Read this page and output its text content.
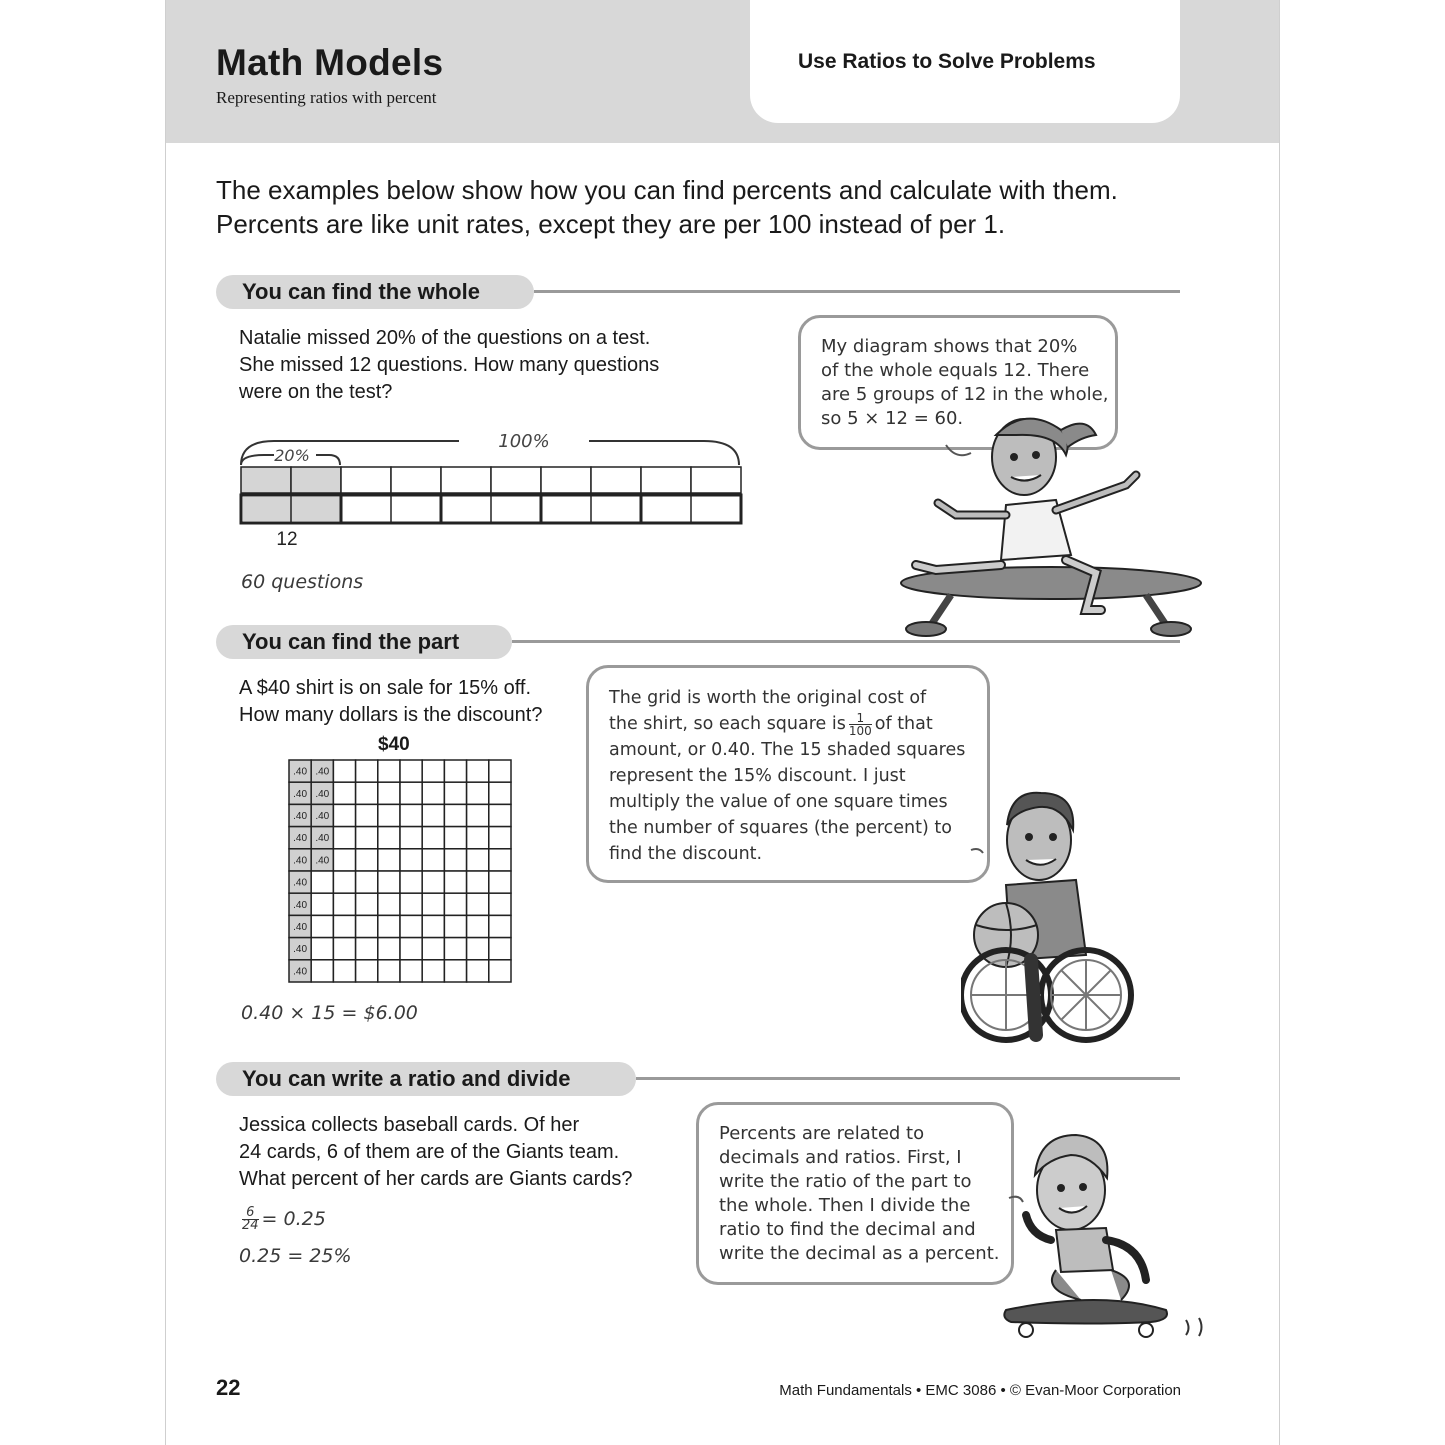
Math Models
Representing ratios with percent
Use Ratios to Solve Problems
The examples below show how you can find percents and calculate with them. Percents are like unit rates, except they are per 100 instead of per 1.
You can find the whole
Natalie missed 20% of the questions on a test.
She missed 12 questions. How many questions
were on the test?
100%
20%
12
60 questions
My diagram shows that 20%
of the whole equals 12. There
are 5 groups of 12 in the whole,
so 5 × 12 = 60.
You can find the part
A $40 shirt is on sale for 15% off.
How many dollars is the discount?
$40
.40 .40
.40 .40
.40 .40
.40 .40
.40 .40
.40
.40
.40
.40
.40
0.40 × 15 = $6.00
The grid is worth the original cost of
the shirt, so each square is $\frac{1}{100}$ of that
amount, or 0.40. The 15 shaded squares
represent the 15% discount. I just
multiply the value of one square times
the number of squares (the percent) to
find the discount.
You can write a ratio and divide
Jessica collects baseball cards. Of her
24 cards, 6 of them are of the Giants team.
What percent of her cards are Giants cards?
$\frac{6}{24} = 0.25$
0.25 = 25%
Percents are related to
decimals and ratios. First, I
write the ratio of the part to
the whole. Then I divide the
ratio to find the decimal and
write the decimal as a percent.
22	Math Fundamentals • EMC 3086 • © Evan-Moor Corporation
